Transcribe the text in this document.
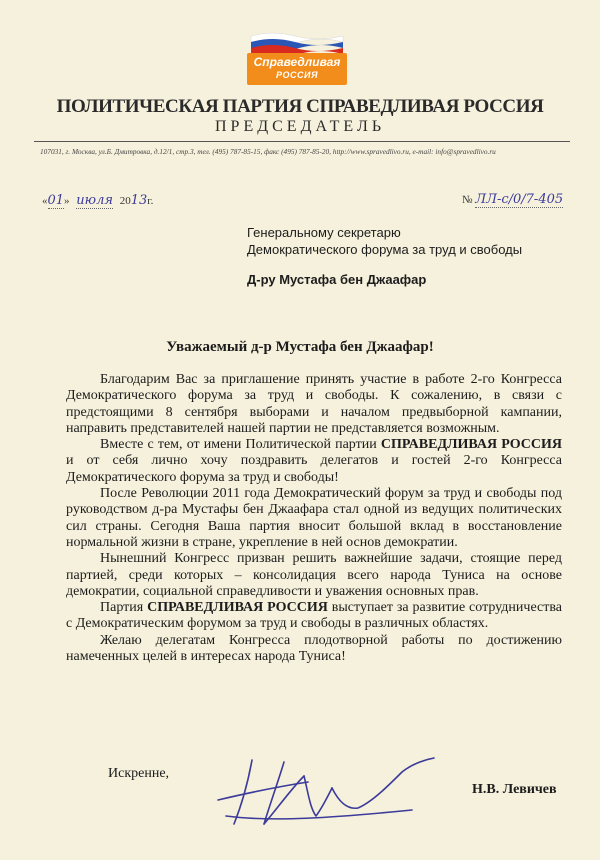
Справедливая
РОССИЯ
ПОЛИТИЧЕСКАЯ ПАРТИЯ СПРАВЕДЛИВАЯ РОССИЯ
ПРЕДСЕДАТЕЛЬ
107031, г. Москва, ул.Б. Дмитровка, д.12/1, стр.3, тел. (495) 787-85-15, факс (495) 787-85-20, http://www.spravedlivo.ru, e-mail: info@spravedlivo.ru
«01» июля 2013г.	№ ЛЛ-с/0/7-405
Генеральному секретарю
Демократического форума за труд и свободы
Д-ру Мустафа бен Джаафар
Уважаемый д-р Мустафа бен Джаафар!

Благодарим Вас за приглашение принять участие в работе 2-го Конгресса Демократического форума за труд и свободы. К сожалению, в связи с предстоящими 8 сентября выборами и началом предвыборной кампании, направить представителей нашей партии не представляется возможным.

Вместе с тем, от имени Политической партии СПРАВЕДЛИВАЯ РОССИЯ и от себя лично хочу поздравить делегатов и гостей 2-го Конгресса Демократического форума за труд и свободы!

После Революции 2011 года Демократический форум за труд и свободы под руководством д-ра Мустафы бен Джаафара стал одной из ведущих политических сил страны. Сегодня Ваша партия вносит большой вклад в восстановление нормальной жизни в стране, укрепление в ней основ демократии.

Нынешний Конгресс призван решить важнейшие задачи, стоящие перед партией, среди которых – консолидация всего народа Туниса на основе демократии, социальной справедливости и уважения основных прав.

Партия СПРАВЕДЛИВАЯ РОССИЯ выступает за развитие сотрудничества с Демократическим форумом за труд и свободы в различных областях.

Желаю делегатам Конгресса плодотворной работы по достижению намеченных целей в интересах народа Туниса!

Искренне,
Н.В. Левичев
